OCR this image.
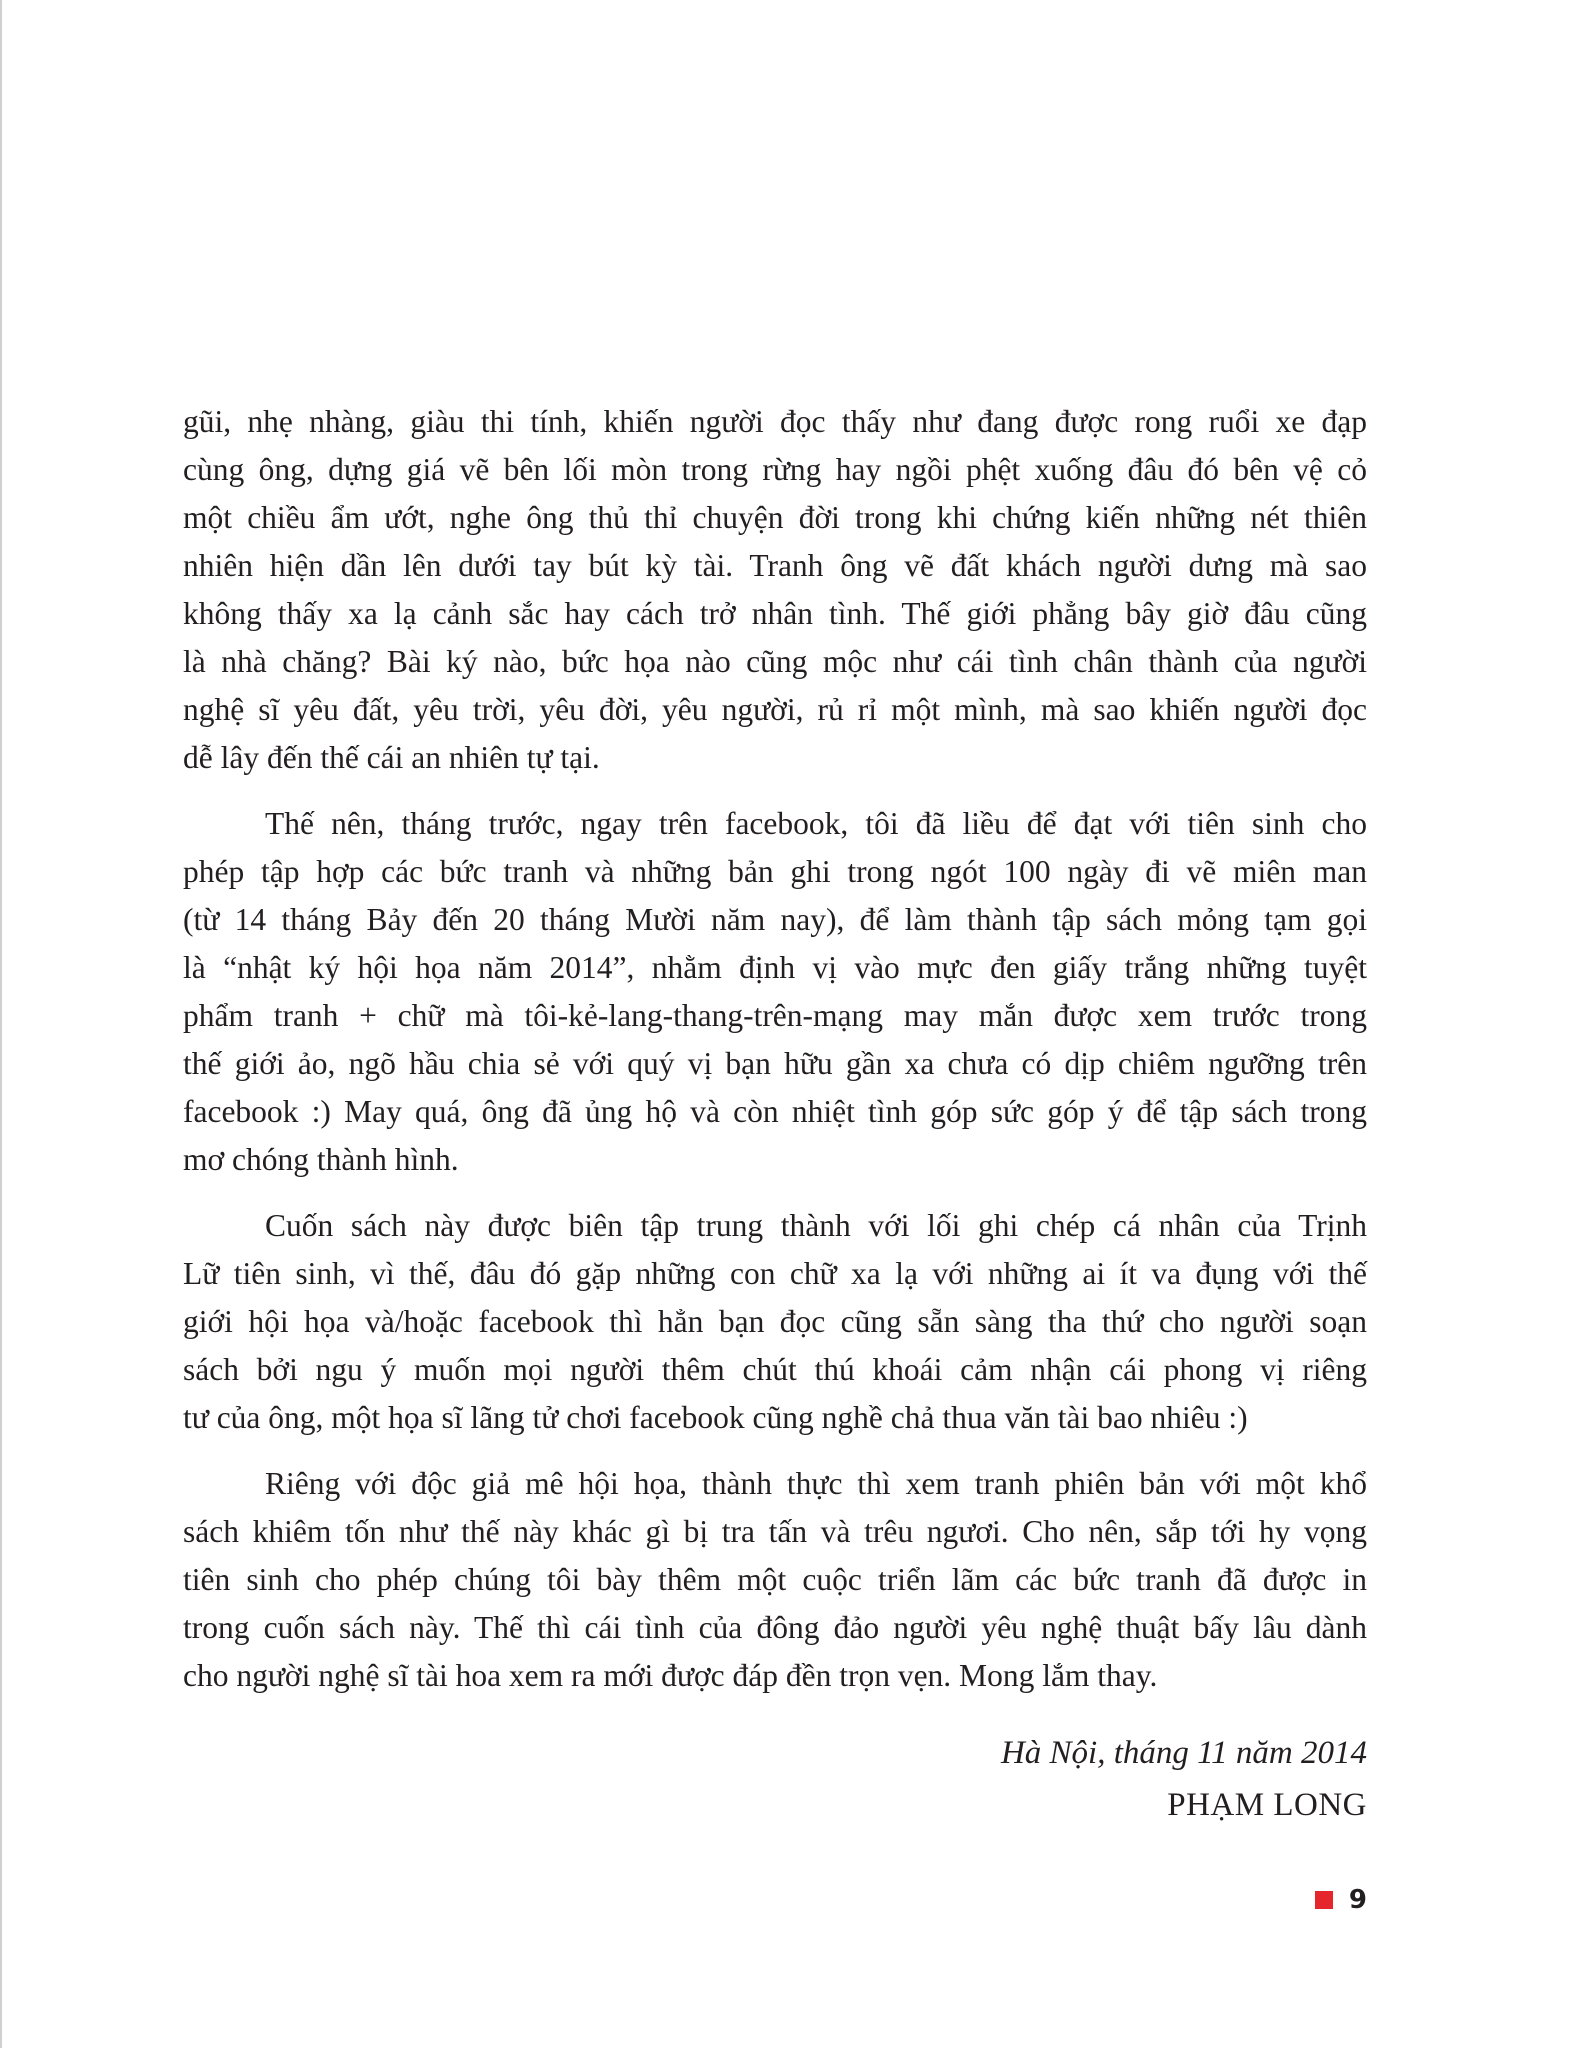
gũi, nhẹ nhàng, giàu thi tính, khiến người đọc thấy như đang được rong ruổi xe đạp
cùng ông, dựng giá vẽ bên lối mòn trong rừng hay ngồi phệt xuống đâu đó bên vệ cỏ
một chiều ẩm ướt, nghe ông thủ thỉ chuyện đời trong khi chứng kiến những nét thiên
nhiên hiện dần lên dưới tay bút kỳ tài. Tranh ông vẽ đất khách người dưng mà sao
không thấy xa lạ cảnh sắc hay cách trở nhân tình. Thế giới phẳng bây giờ đâu cũng
là nhà chăng? Bài ký nào, bức họa nào cũng mộc như cái tình chân thành của người
nghệ sĩ yêu đất, yêu trời, yêu đời, yêu người, rủ rỉ một mình, mà sao khiến người đọc
dễ lây đến thế cái an nhiên tự tại.

Thế nên, tháng trước, ngay trên facebook, tôi đã liều để đạt với tiên sinh cho
phép tập hợp các bức tranh và những bản ghi trong ngót 100 ngày đi vẽ miên man
(từ 14 tháng Bảy đến 20 tháng Mười năm nay), để làm thành tập sách mỏng tạm gọi
là “nhật ký hội họa năm 2014”, nhằm định vị vào mực đen giấy trắng những tuyệt
phẩm tranh + chữ mà tôi-kẻ-lang-thang-trên-mạng may mắn được xem trước trong
thế giới ảo, ngõ hầu chia sẻ với quý vị bạn hữu gần xa chưa có dịp chiêm ngưỡng trên
facebook :) May quá, ông đã ủng hộ và còn nhiệt tình góp sức góp ý để tập sách trong
mơ chóng thành hình.

Cuốn sách này được biên tập trung thành với lối ghi chép cá nhân của Trịnh
Lữ tiên sinh, vì thế, đâu đó gặp những con chữ xa lạ với những ai ít va đụng với thế
giới hội họa và/hoặc facebook thì hẳn bạn đọc cũng sẵn sàng tha thứ cho người soạn
sách bởi ngu ý muốn mọi người thêm chút thú khoái cảm nhận cái phong vị riêng
tư của ông, một họa sĩ lãng tử chơi facebook cũng nghề chả thua văn tài bao nhiêu :)

Riêng với độc giả mê hội họa, thành thực thì xem tranh phiên bản với một khổ
sách khiêm tốn như thế này khác gì bị tra tấn và trêu ngươi. Cho nên, sắp tới hy vọng
tiên sinh cho phép chúng tôi bày thêm một cuộc triển lãm các bức tranh đã được in
trong cuốn sách này. Thế thì cái tình của đông đảo người yêu nghệ thuật bấy lâu dành
cho người nghệ sĩ tài hoa xem ra mới được đáp đền trọn vẹn. Mong lắm thay.

Hà Nội, tháng 11 năm 2014
PHẠM LONG
9
